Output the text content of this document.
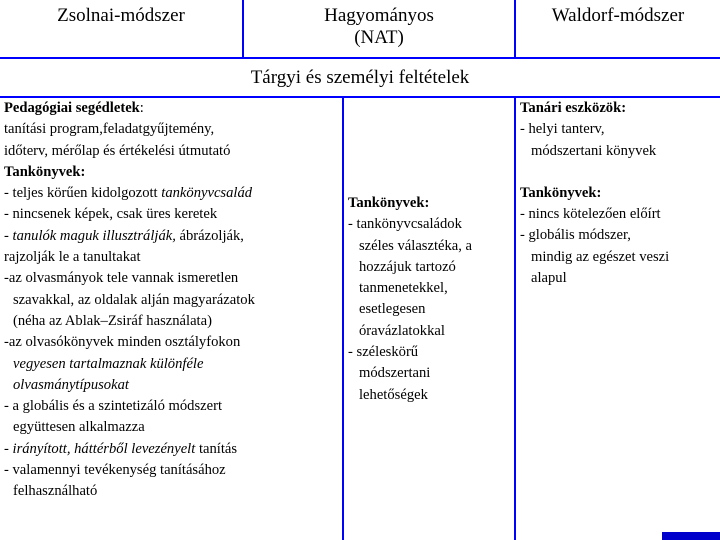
Zsolnai-módszer	Hagyományos
(NAT)
Waldorf-módszer
Tárgyi és személyi feltételek
Pedagógiai segédletek:
tanítási program,feladatgyűjtemény,
időterv, mérőlap és értékelési útmutató
Tankönyvek:
- teljes körűen kidolgozott tankönyvcsalád
- nincsenek képek, csak üres keretek
- tanulók maguk illusztrálják, ábrázolják,
rajzolják le a tanultakat
-az olvasmányok tele vannak ismeretlen
szavakkal, az oldalak alján magyarázatok
(néha az Ablak–Zsiráf használata)
-az olvasókönyvek minden osztályfokon
vegyesen tartalmaznak különféle
olvasmánytípusokat
- a globális és a szintetizáló módszert
együttesen alkalmazza
- irányított, háttérből levezényelt tanítás
- valamennyi tevékenység tanításához
felhasználható
Tankönyvek:
- tankönyvcsaládok
széles választéka, a
hozzájuk tartozó
tanmenetekkel,
esetlegesen
óravázlatokkal
- széleskörű
módszertani
lehetőségek
Tanári eszközök:
- helyi tanterv,
módszertani könyvek
Tankönyvek:
- nincs kötelezően előírt
- globális módszer,
mindig az egészet veszi
alapul
